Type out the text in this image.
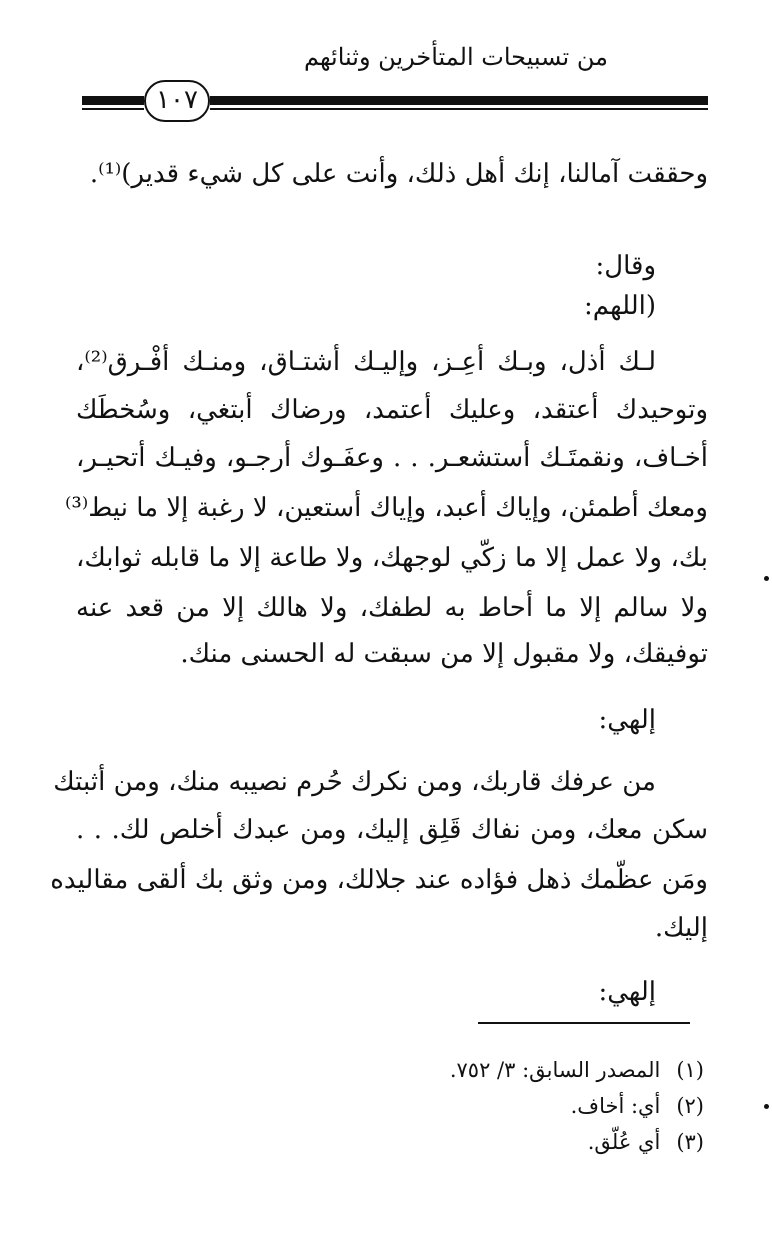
من تسبيحات المتأخرين وثنائهم
١٠٧
وحققت آمالنا، إنك أهل ذلك، وأنت على كل شيء قدير)⁽¹⁾.
وقال:
(اللهم:
لـك أذل، وبـك أعِـز، وإليـك أشتـاق، ومنـك أفْـرق⁽²⁾،
وتوحيدك أعتقد، وعليك أعتمد، ورضاك أبتغي، وسُخطَك
أخـاف، ونقمتَـك أستشعـر. . . وعفَـوك أرجـو، وفيـك أتحيـر،
ومعك أطمئن، وإياك أعبد، وإياك أستعين، لا رغبة إلا ما نيط⁽³⁾
بك، ولا عمل إلا ما زكّي لوجهك، ولا طاعة إلا ما قابله ثوابك،
ولا سالم إلا ما أحاط به لطفك، ولا هالك إلا من قعد عنه
توفيقك، ولا مقبول إلا من سبقت له الحسنى منك.
إلهي:
من عرفك قاربك، ومن نكرك حُرم نصيبه منك، ومن أثبتك
سكن معك، ومن نفاك قَلِق إليك، ومن عبدك أخلص لك. . .
ومَن عظّمك ذهل فؤاده عند جلالك، ومن وثق بك ألقى مقاليده
إليك.
إلهي:
(١)المصدر السابق: ٣/ ٧٥٢.
(٢)أي: أخاف.
(٣)أي عُلّق.
